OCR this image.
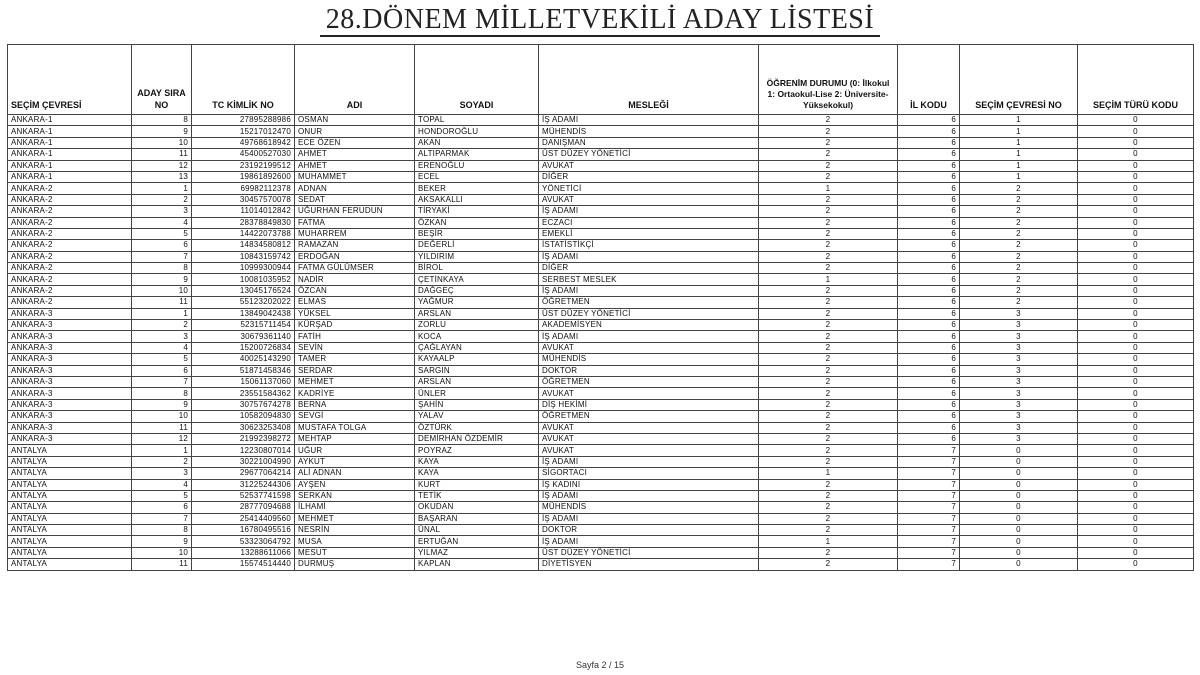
28.DÖNEM MİLLETVEKİLİ ADAY LİSTESİ
SEÇİM ÇEVRESİ	ADAY SIRA NO	TC KİMLİK NO	ADI	SOYADI	MESLEĞİ	ÖĞRENİM DURUMU (0: İlkokul 1: Ortaokul-Lise 2: Üniversite-Yüksekokul)	İL KODU	SEÇİM ÇEVRESİ NO	SEÇİM TÜRÜ KODU
ANKARA-1	8	27895288986	OSMAN	TOPAL	İŞ ADAMI	2	6	1	0
ANKARA-1	9	15217012470	ONUR	HONDOROĞLU	MÜHENDİS	2	6	1	0
ANKARA-1	10	49768618942	ECE ÖZEN	AKAN	DANIŞMAN	2	6	1	0
ANKARA-1	11	45400527030	AHMET	ALTIPARMAK	ÜST DÜZEY YÖNETİCİ	2	6	1	0
ANKARA-1	12	23192199512	AHMET	ERENOĞLU	AVUKAT	2	6	1	0
ANKARA-1	13	19861892600	MUHAMMET	ECEL	DİĞER	2	6	1	0
ANKARA-2	1	69982112378	ADNAN	BEKER	YÖNETİCİ	1	6	2	0
ANKARA-2	2	30457570078	SEDAT	AKSAKALLI	AVUKAT	2	6	2	0
ANKARA-2	3	11014012842	UĞURHAN FERUDUN	TİRYAKİ	İŞ ADAMI	2	6	2	0
ANKARA-2	4	28378849830	FATMA	ÖZKAN	ECZACI	2	6	2	0
ANKARA-2	5	14422073788	MUHARREM	BEŞİR	EMEKLİ	2	6	2	0
ANKARA-2	6	14834580812	RAMAZAN	DEĞERLİ	İSTATİSTİKÇİ	2	6	2	0
ANKARA-2	7	10843159742	ERDOĞAN	YILDIRIM	İŞ ADAMI	2	6	2	0
ANKARA-2	8	10999300944	FATMA GÜLÜMSER	BİROL	DİĞER	2	6	2	0
ANKARA-2	9	10081035952	NADİR	ÇETİNKAYA	SERBEST MESLEK	1	6	2	0
ANKARA-2	10	13045176524	ÖZCAN	DAĞGEÇ	İŞ ADAMI	2	6	2	0
ANKARA-2	11	55123202022	ELMAS	YAĞMUR	ÖĞRETMEN	2	6	2	0
ANKARA-3	1	13849042438	YÜKSEL	ARSLAN	ÜST DÜZEY YÖNETİCİ	2	6	3	0
ANKARA-3	2	52315711454	KÜRŞAD	ZORLU	AKADEMİSYEN	2	6	3	0
ANKARA-3	3	30679361140	FATİH	KOCA	İŞ ADAMI	2	6	3	0
ANKARA-3	4	15200726834	SEVİN	ÇAĞLAYAN	AVUKAT	2	6	3	0
ANKARA-3	5	40025143290	TAMER	KAYAALP	MÜHENDİS	2	6	3	0
ANKARA-3	6	51871458346	SERDAR	SARGIN	DOKTOR	2	6	3	0
ANKARA-3	7	15061137060	MEHMET	ARSLAN	ÖĞRETMEN	2	6	3	0
ANKARA-3	8	23551584362	KADRİYE	ÜNLER	AVUKAT	2	6	3	0
ANKARA-3	9	30757674278	BERNA	ŞAHİN	DİŞ HEKİMİ	2	6	3	0
ANKARA-3	10	10582094830	SEVGİ	YALAV	ÖĞRETMEN	2	6	3	0
ANKARA-3	11	30623253408	MUSTAFA TOLGA	ÖZTÜRK	AVUKAT	2	6	3	0
ANKARA-3	12	21992398272	MEHTAP	DEMİRHAN ÖZDEMİR	AVUKAT	2	6	3	0
ANTALYA	1	12230807014	UĞUR	POYRAZ	AVUKAT	2	7	0	0
ANTALYA	2	30221004990	AYKUT	KAYA	İŞ ADAMI	2	7	0	0
ANTALYA	3	29677064214	ALİ ADNAN	KAYA	SİGORTACI	1	7	0	0
ANTALYA	4	31225244306	AYŞEN	KURT	İŞ KADINI	2	7	0	0
ANTALYA	5	52537741598	SERKAN	TETİK	İŞ ADAMI	2	7	0	0
ANTALYA	6	28777094688	İLHAMİ	OKUDAN	MÜHENDİS	2	7	0	0
ANTALYA	7	25414409560	MEHMET	BAŞARAN	İŞ ADAMI	2	7	0	0
ANTALYA	8	16780495516	NESRİN	ÜNAL	DOKTOR	2	7	0	0
ANTALYA	9	53323064792	MUSA	ERTUĞAN	İŞ ADAMI	1	7	0	0
ANTALYA	10	13288611066	MESUT	YILMAZ	ÜST DÜZEY YÖNETİCİ	2	7	0	0
ANTALYA	11	15574514440	DURMUŞ	KAPLAN	DİYETİSYEN	2	7	0	0
Sayfa 2 / 15
